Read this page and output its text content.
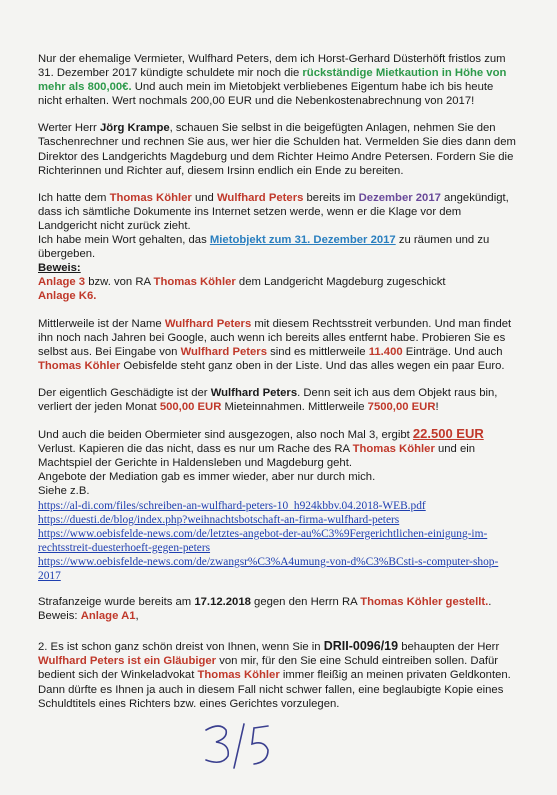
Nur der ehemalige Vermieter, Wulfhard Peters, dem ich Horst-Gerhard Düsterhöft fristlos zum 31. Dezember 2017 kündigte schuldete mir noch die rückständige Mietkaution in Höhe von mehr als 800,00€. Und auch mein im Mietobjekt verbliebenes Eigentum habe ich bis heute nicht erhalten. Wert nochmals 200,00 EUR und die Nebenkostenabrechnung von 2017!

Werter Herr Jörg Krampe, schauen Sie selbst in die beigefügten Anlagen, nehmen Sie den Taschenrechner und rechnen Sie aus, wer hier die Schulden hat. Vermelden Sie dies dann dem Direktor des Landgerichts Magdeburg und dem Richter Heimo Andre Petersen. Fordern Sie die Richterinnen und Richter auf, diesem Irsinn endlich ein Ende zu bereiten.

Ich hatte dem Thomas Köhler und Wulfhard Peters bereits im Dezember 2017 angekündigt, dass ich sämtliche Dokumente ins Internet setzen werde, wenn er die Klage vor dem Landgericht nicht zurück zieht.
Ich habe mein Wort gehalten, das Mietobjekt zum 31. Dezember 2017 zu räumen und zu übergeben.
Beweis:
Anlage 3 bzw. von RA Thomas Köhler dem Landgericht Magdeburg zugeschickt
Anlage K6.

Mittlerweile ist der Name Wulfhard Peters mit diesem Rechtsstreit verbunden. Und man findet ihn noch nach Jahren bei Google, auch wenn ich bereits alles entfernt habe. Probieren Sie es selbst aus. Bei Eingabe von Wulfhard Peters sind es mittlerweile 11.400 Einträge. Und auch Thomas Köhler Oebisfelde steht ganz oben in der Liste. Und das alles wegen ein paar Euro.

Der eigentlich Geschädigte ist der Wulfhard Peters. Denn seit ich aus dem Objekt raus bin, verliert der jeden Monat 500,00 EUR Mieteinnahmen. Mittlerweile 7500,00 EUR!

Und auch die beiden Obermieter sind ausgezogen, also noch Mal 3, ergibt 22.500 EUR
Verlust. Kapieren die das nicht, dass es nur um Rache des RA Thomas Köhler und ein Machtspiel der Gerichte in Haldensleben und Magdeburg geht.
Angebote der Mediation gab es immer wieder, aber nur durch mich.
Siehe z.B.
https://al-di.com/files/schreiben-an-wulfhard-peters-10_h924kbbv.04.2018-WEB.pdf
https://duesti.de/blog/index.php?weihnachtsbotschaft-an-firma-wulfhard-peters
https://www.oebisfelde-news.com/de/letztes-angebot-der-au%C3%9Fergerichtlichen-einigung-im-rechtsstreit-duesterhoeft-gegen-peters
https://www.oebisfelde-news.com/de/zwangsr%C3%A4umung-von-d%C3%BCsti-s-computer-shop-2017

Strafanzeige wurde bereits am 17.12.2018 gegen den Herrn RA Thomas Köhler gestellt..
Beweis: Anlage A1,

2. Es ist schon ganz schön dreist von Ihnen, wenn Sie in DRII-0096/19 behaupten der Herr Wulfhard Peters ist ein Gläubiger von mir, für den Sie eine Schuld eintreiben sollen. Dafür bedient sich der Winkeladvokat Thomas Köhler immer fleißig an meinen privaten Geldkonten.
Dann dürfte es Ihnen ja auch in diesem Fall nicht schwer fallen, eine beglaubigte Kopie eines Schuldtitels eines Richters bzw. eines Gerichtes vorzulegen.
